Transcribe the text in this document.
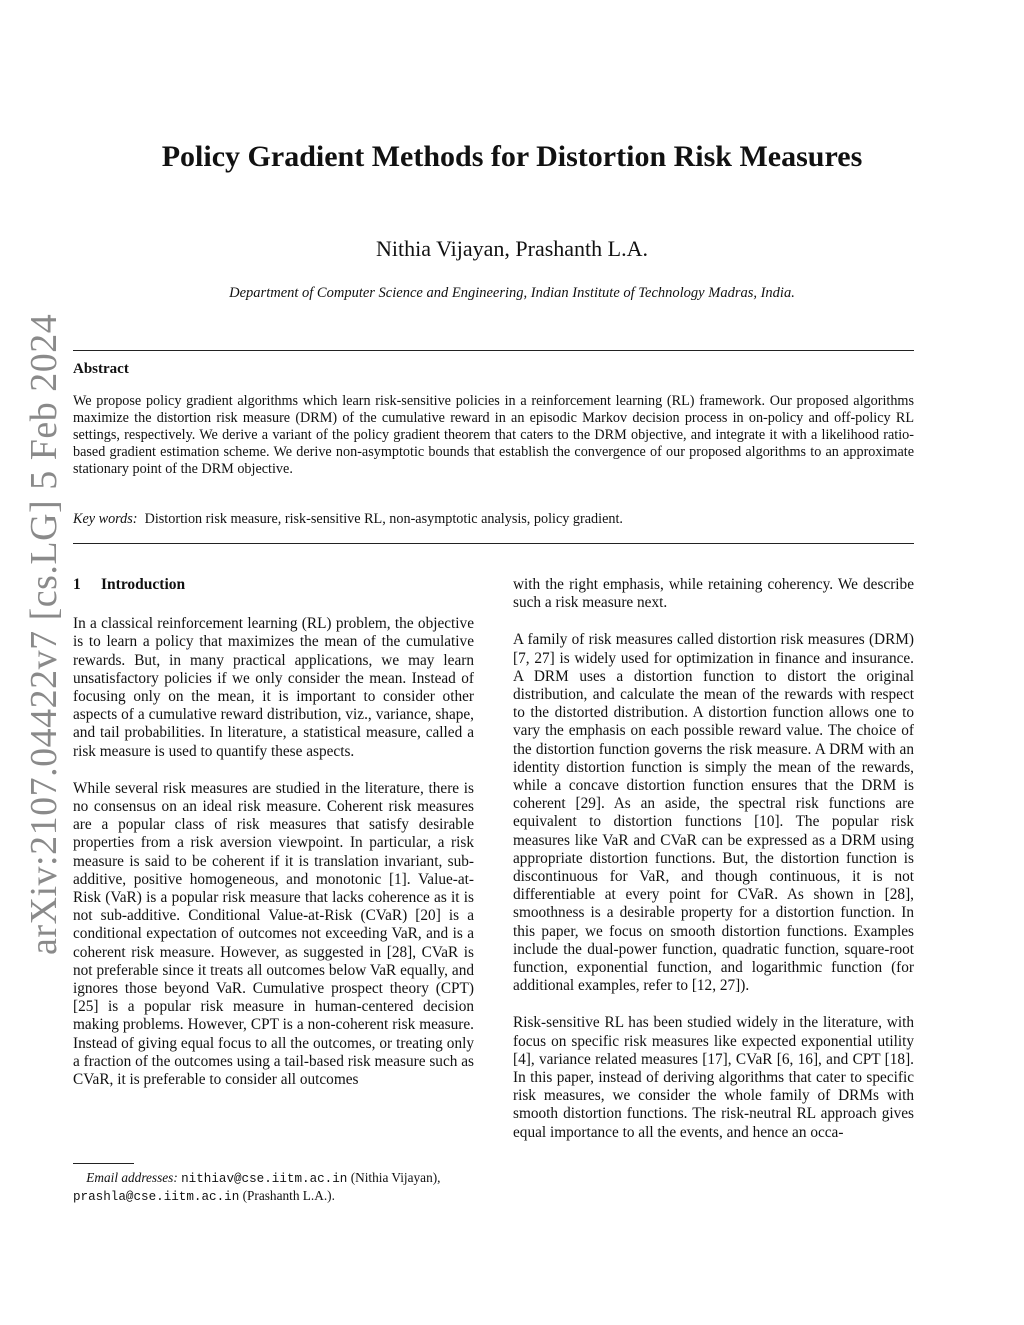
arXiv:2107.04422v7 [cs.LG] 5 Feb 2024
Policy Gradient Methods for Distortion Risk Measures
Nithia Vijayan, Prashanth L.A.
Department of Computer Science and Engineering, Indian Institute of Technology Madras, India.
Abstract
We propose policy gradient algorithms which learn risk-sensitive policies in a reinforcement learning (RL) framework. Our proposed algorithms maximize the distortion risk measure (DRM) of the cumulative reward in an episodic Markov decision process in on-policy and off-policy RL settings, respectively. We derive a variant of the policy gradient theorem that caters to the DRM objective, and integrate it with a likelihood ratio-based gradient estimation scheme. We derive non-asymptotic bounds that establish the convergence of our proposed algorithms to an approximate stationary point of the DRM objective.
Key words: Distortion risk measure, risk-sensitive RL, non-asymptotic analysis, policy gradient.
1 Introduction

In a classical reinforcement learning (RL) problem, the objective is to learn a policy that maximizes the mean of the cumulative rewards. But, in many practical applications, we may learn unsatisfactory policies if we only consider the mean. Instead of focusing only on the mean, it is important to consider other aspects of a cumulative reward distribution, viz., variance, shape, and tail probabilities. In literature, a statistical measure, called a risk measure is used to quantify these aspects.

While several risk measures are studied in the literature, there is no consensus on an ideal risk measure. Coherent risk measures are a popular class of risk measures that satisfy desirable properties from a risk aversion viewpoint. In particular, a risk measure is said to be coherent if it is translation invariant, sub-additive, positive homogeneous, and monotonic [1]. Value-at-Risk (VaR) is a popular risk measure that lacks coherence as it is not sub-additive. Conditional Value-at-Risk (CVaR) [20] is a conditional expectation of outcomes not exceeding VaR, and is a coherent risk measure. However, as suggested in [28], CVaR is not preferable since it treats all outcomes below VaR equally, and ignores those beyond VaR. Cumulative prospect theory (CPT) [25] is a popular risk measure in human-centered decision making problems. However, CPT is a non-coherent risk measure. Instead of giving equal focus to all the outcomes, or treating only a fraction of the outcomes using a tail-based risk measure such as CVaR, it is preferable to consider all outcomes

with the right emphasis, while retaining coherency. We describe such a risk measure next.

A family of risk measures called distortion risk measures (DRM) [7, 27] is widely used for optimization in finance and insurance. A DRM uses a distortion function to distort the original distribution, and calculate the mean of the rewards with respect to the distorted distribution. A distortion function allows one to vary the emphasis on each possible reward value. The choice of the distortion function governs the risk measure. A DRM with an identity distortion function is simply the mean of the rewards, while a concave distortion function ensures that the DRM is coherent [29]. As an aside, the spectral risk functions are equivalent to distortion functions [10]. The popular risk measures like VaR and CVaR can be expressed as a DRM using appropriate distortion functions. But, the distortion function is discontinuous for VaR, and though continuous, it is not differentiable at every point for CVaR. As shown in [28], smoothness is a desirable property for a distortion function. In this paper, we focus on smooth distortion functions. Examples include the dual-power function, quadratic function, square-root function, exponential function, and logarithmic function (for additional examples, refer to [12, 27]).

Risk-sensitive RL has been studied widely in the literature, with focus on specific risk measures like expected exponential utility [4], variance related measures [17], CVaR [6, 16], and CPT [18]. In this paper, instead of deriving algorithms that cater to specific risk measures, we consider the whole family of DRMs with smooth distortion functions. The risk-neutral RL approach gives equal importance to all the events, and hence an occa-

Email addresses: nithiav@cse.iitm.ac.in (Nithia Vijayan), prashla@cse.iitm.ac.in (Prashanth L.A.).
